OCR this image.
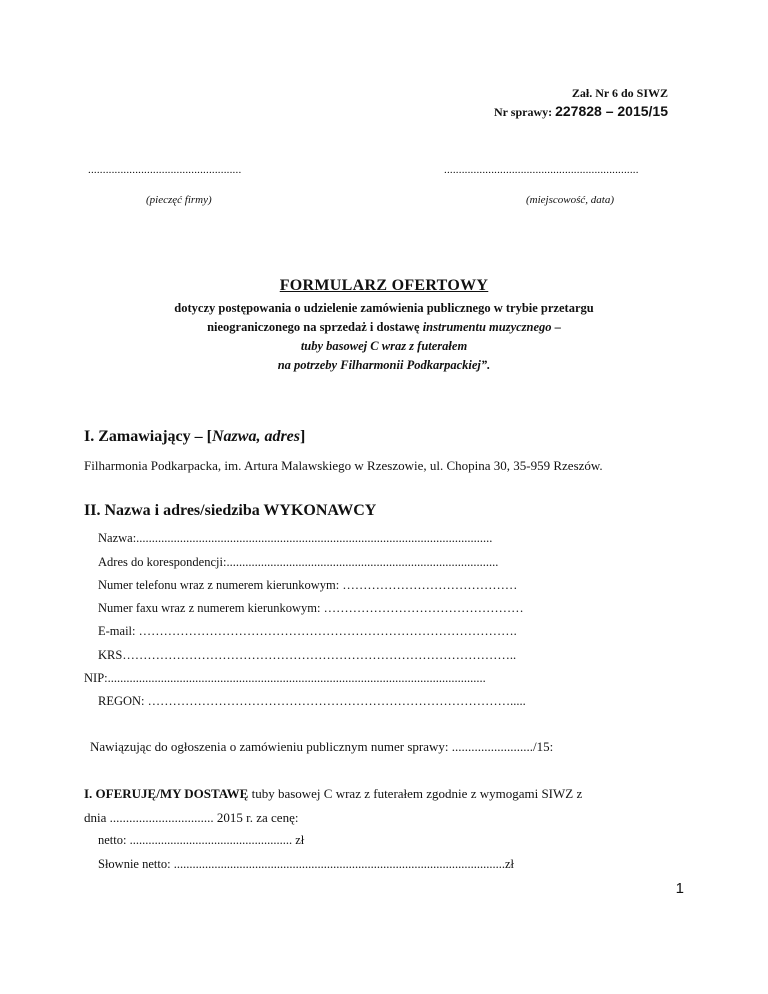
Zał. Nr 6 do SIWZ
Nr sprawy: 227828 – 2015/15
....................................................
(pieczęć firmy)
..................................................................
(miejscowość, data)
FORMULARZ OFERTOWY
dotyczy postępowania o udzielenie zamówienia publicznego w trybie przetargu
nieograniczonego na sprzedaż i dostawę instrumentu muzycznego –
tuby basowej C wraz z futerałem
na potrzeby Filharmonii Podkarpackiej”.
I. Zamawiający – [Nazwa, adres]
Filharmonia Podkarpacka, im. Artura Malawskiego w Rzeszowie, ul. Chopina 30, 35-959 Rzeszów.
II. Nazwa i adres/siedziba WYKONAWCY
Nazwa:..................................................................................................................
Adres do korespondencji:.......................................................................................
Numer telefonu wraz z numerem kierunkowym: ……………………………………
Numer faxu wraz z numerem kierunkowym: …………………………………………
E-mail: ……………………………………………………………………………….
KRS…………………………………………………………………………………..
NIP:.........................................................................................................................
REGON: …………………………………………………………………………….....
Nawiązując do ogłoszenia o zamówieniu publicznym numer sprawy: ........................./15:
I. OFERUJĘ/MY DOSTAWĘ tuby basowej C wraz z futerałem zgodnie z wymogami SIWZ z
dnia ................................ 2015 r. za cenę:
netto: .................................................... zł
Słownie netto: ..........................................................................................................zł
1
